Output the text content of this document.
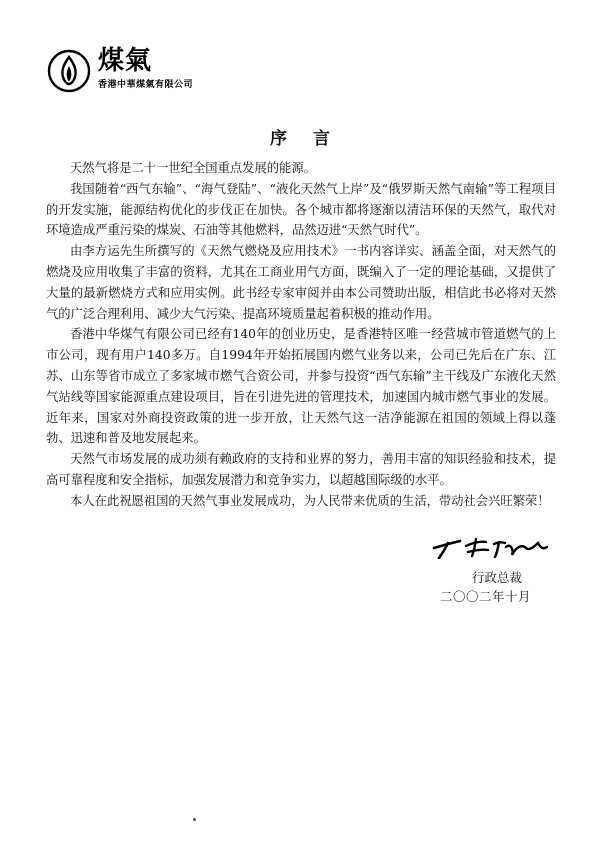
煤氣
香港中華煤氣有限公司
序 言

天然气将是二十一世纪全国重点发展的能源。

我国随着“西气东输”、“海气登陆”、“液化天然气上岸”及“俄罗斯天然气南输”等工程项目的开发实施，能源结构优化的步伐正在加快。各个城市都将逐渐以清洁环保的天然气，取代对环境造成严重污染的煤炭、石油等其他燃料，品然迈进“天然气时代”。

由李方运先生所撰写的《天然气燃烧及应用技术》一书内容详实、涵盖全面，对天然气的燃烧及应用收集了丰富的资料，尤其在工商业用气方面，既编入了一定的理论基础，又提供了大量的最新燃烧方式和应用实例。此书经专家审阅并由本公司赞助出版，相信此书必将对天然气的广泛合理利用、减少大气污染、提高环境质量起着积极的推动作用。

香港中华煤气有限公司已经有140年的创业历史，是香港特区唯一经营城市管道燃气的上市公司，现有用户140多万。自1994年开始拓展国内燃气业务以来，公司已先后在广东、江苏、山东等省市成立了多家城市燃气合资公司，并参与投资“西气东输”主干线及广东液化天然气站线等国家能源重点建设项目，旨在引进先进的管理技术，加速国内城市燃气事业的发展。近年来，国家对外商投资政策的进一步开放，让天然气这一洁净能源在祖国的领域上得以蓬勃、迅速和普及地发展起来。

天然气市场发展的成功须有赖政府的支持和业界的努力，善用丰富的知识经验和技术，提高可靠程度和安全指标，加强发展潜力和竞争实力，以超越国际级的水平。

本人在此祝愿祖国的天然气事业发展成功，为人民带来优质的生活，带动社会兴旺繁荣！

行政总裁
二〇〇二年十月
